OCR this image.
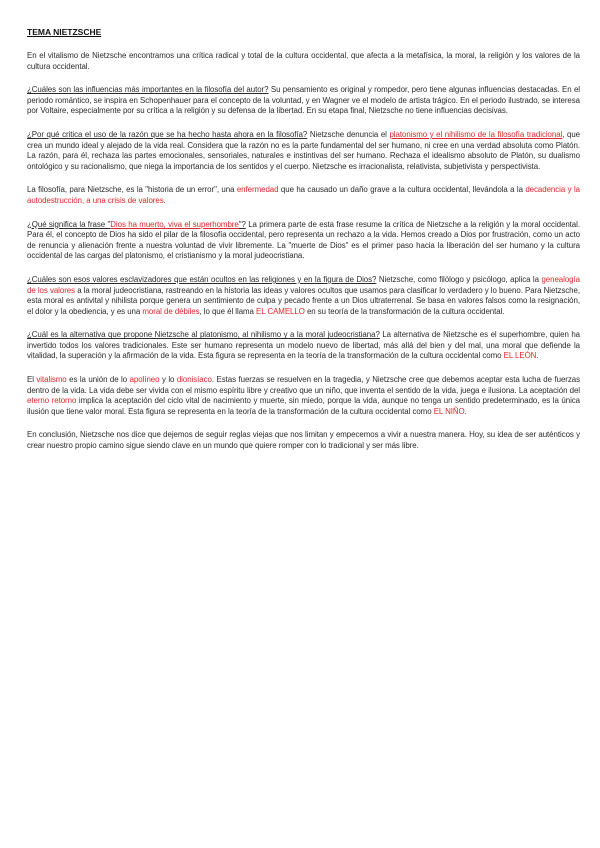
TEMA NIETZSCHE

En el vitalismo de Nietzsche encontramos una crítica radical y total de la cultura occidental, que afecta a la metafísica, la moral, la religión y los valores de la cultura occidental.

¿Cuáles son las influencias más importantes en la filosofía del autor? Su pensamiento es original y rompedor, pero tiene algunas influencias destacadas. En el periodo romántico, se inspira en Schopenhauer para el concepto de la voluntad, y en Wagner ve el modelo de artista trágico. En el periodo ilustrado, se interesa por Voltaire, especialmente por su crítica a la religión y su defensa de la libertad. En su etapa final, Nietzsche no tiene influencias decisivas.

¿Por qué critica el uso de la razón que se ha hecho hasta ahora en la filosofía? Nietzsche denuncia el platonismo y el nihilismo de la filosofía tradicional, que crea un mundo ideal y alejado de la vida real. Considera que la razón no es la parte fundamental del ser humano, ni cree en una verdad absoluta como Platón. La razón, para él, rechaza las partes emocionales, sensoriales, naturales e instintivas del ser humano. Rechaza el idealismo absoluto de Platón, su dualismo ontológico y su racionalismo, que niega la importancia de los sentidos y el cuerpo. Nietzsche es irracionalista, relativista, subjetivista y perspectivista.

La filosofía, para Nietzsche, es la "historia de un error", una enfermedad que ha causado un daño grave a la cultura occidental, llevándola a la decadencia y la autodestrucción, a una crisis de valores.

¿Qué significa la frase "Dios ha muerto, viva el superhombre"? La primera parte de esta frase resume la crítica de Nietzsche a la religión y la moral occidental. Para él, el concepto de Dios ha sido el pilar de la filosofía occidental, pero representa un rechazo a la vida. Hemos creado a Dios por frustración, como un acto de renuncia y alienación frente a nuestra voluntad de vivir libremente. La "muerte de Dios" es el primer paso hacia la liberación del ser humano y la cultura occidental de las cargas del platonismo, el cristianismo y la moral judeocristiana.

¿Cuáles son esos valores esclavizadores que están ocultos en las religiones y en la figura de Dios? Nietzsche, como filólogo y psicólogo, aplica la genealogía de los valores a la moral judeocristiana, rastreando en la historia las ideas y valores ocultos que usamos para clasificar lo verdadero y lo bueno. Para Nietzsche, esta moral es antivital y nihilista porque genera un sentimiento de culpa y pecado frente a un Dios ultraterrenal. Se basa en valores falsos como la resignación, el dolor y la obediencia, y es una moral de débiles, lo que él llama EL CAMELLO en su teoría de la transformación de la cultura occidental.

¿Cuál es la alternativa que propone Nietzsche al platonismo, al nihilismo y a la moral judeocristiana? La alternativa de Nietzsche es el superhombre, quien ha invertido todos los valores tradicionales. Este ser humano representa un modelo nuevo de libertad, más allá del bien y del mal, una moral que defiende la vitalidad, la superación y la afirmación de la vida. Esta figura se representa en la teoría de la transformación de la cultura occidental como EL LEÓN.

El vitalismo es la unión de lo apolíneo y lo dionisíaco. Estas fuerzas se resuelven en la tragedia, y Nietzsche cree que debemos aceptar esta lucha de fuerzas dentro de la vida. La vida debe ser vivida con el mismo espíritu libre y creativo que un niño, que inventa el sentido de la vida, juega e ilusiona. La aceptación del eterno retorno implica la aceptación del ciclo vital de nacimiento y muerte, sin miedo, porque la vida, aunque no tenga un sentido predeterminado, es la única ilusión que tiene valor moral. Esta figura se representa en la teoría de la transformación de la cultura occidental como EL NIÑO.

En conclusión, Nietzsche nos dice que dejemos de seguir reglas viejas que nos limitan y empecemos a vivir a nuestra manera. Hoy, su idea de ser auténticos y crear nuestro propio camino sigue siendo clave en un mundo que quiere romper con lo tradicional y ser más libre.
